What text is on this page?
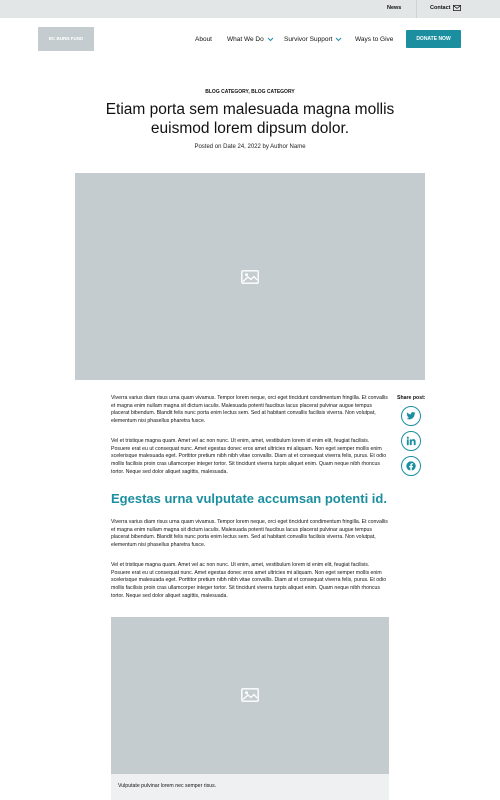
News	Contact
BC BURN FUND	About What We Do	Survivor Support	Ways to Give	DONATE NOW
BLOG CATEGORY, BLOG CATEGORY
Etiam porta sem malesuada magna mollis
euismod lorem dipsum dolor.
Posted on Date 24, 2022 by Author Name

Viverra varius diam risus urna quam vivamus. Tempor lorem neque, orci eget tincidunt condimentum fringilla. Et convallis et magna enim nullam magna sit dictum iaculis. Malesuada potenti faucibus lacus placerat pulvinar augue tempus placerat bibendum. Blandit felis nunc porta enim lectus sem. Sed at habitant convallis facilisis viverra. Non volutpat, elementum nisi phasellus pharetra fusce.

Vel et tristique magna quam. Amet vel ac non nunc. Ut enim, amet, vestibulum lorem id enim elit, feugiat facilisis. Posuere erat eu ut consequat nunc. Amet egestas donec eros amet ultricies mi aliquam. Non eget semper mollis enim scelerisque malesuada eget. Porttitor pretium nibh nibh vitae convallis. Diam at et consequat viverra felis, purus. Et odio mollis facilisis proin cras ullamcorper integer tortor. Sit tincidunt viverra turpis aliquet enim. Quam neque nibh rhoncus tortor. Neque sed dolor aliquet sagittis, malesuada.

Egestas urna vulputate accumsan potenti id.

Viverra varius diam risus urna quam vivamus. Tempor lorem neque, orci eget tincidunt condimentum fringilla. Et convallis et magna enim nullam magna sit dictum iaculis. Malesuada potenti faucibus lacus placerat pulvinar augue tempus placerat bibendum. Blandit felis nunc porta enim lectus sem. Sed at habitant convallis facilisis viverra. Non volutpat, elementum nisi phasellus pharetra fusce.

Vel et tristique magna quam. Amet vel ac non nunc. Ut enim, amet, vestibulum lorem id enim elit, feugiat facilisis. Posuere erat eu ut consequat nunc. Amet egestas donec eros amet ultricies mi aliquam. Non eget semper mollis enim scelerisque malesuada eget. Porttitor pretium nibh nibh vitae convallis. Diam at et consequat viverra felis, purus. Et odio mollis facilisis proin cras ullamcorper integer tortor. Sit tincidunt viverra turpis aliquet enim. Quam neque nibh rhoncus tortor. Neque sed dolor aliquet sagittis, malesuada.

Share post:
Vulputate pulvinar lorem nec semper risus.
